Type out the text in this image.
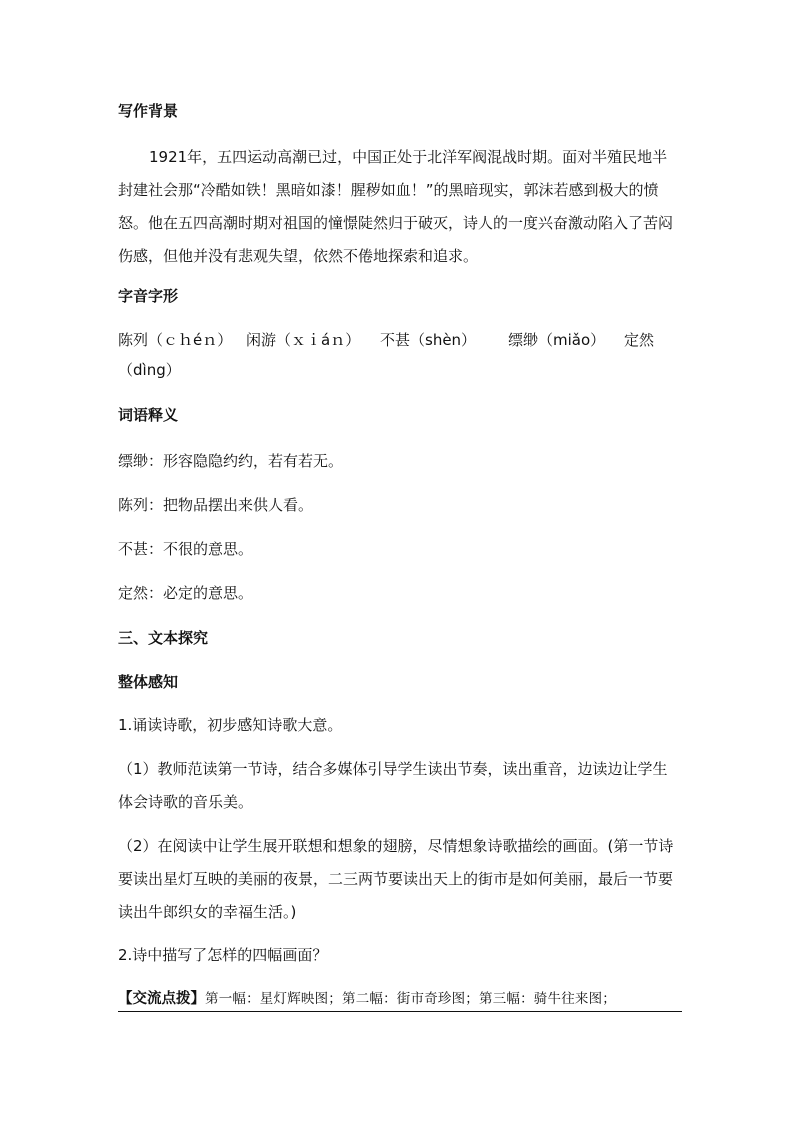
写作背景
1921年，五四运动高潮已过，中国正处于北洋军阀混战时期。面对半殖民地半封建社会那“冷酷如铁！黑暗如漆！腥秽如血！”的黑暗现实，郭沫若感到极大的愤怒。他在五四高潮时期对祖国的憧憬陡然归于破灭，诗人的一度兴奋激动陷入了苦闷伤感，但他并没有悲观失望，依然不倦地探索和追求。
字音字形
陈列（ｃｈéｎ） 闲游（ｘｉáｎ） 不甚（shèn） 缥缈（miǎo） 定然
（dìng）
词语释义
缥缈：形容隐隐约约，若有若无。
陈列：把物品摆出来供人看。
不甚：不很的意思。
定然：必定的意思。
三、文本探究
整体感知
1.诵读诗歌，初步感知诗歌大意。
（1）教师范读第一节诗，结合多媒体引导学生读出节奏，读出重音，边读边让学生体会诗歌的音乐美。
（2）在阅读中让学生展开联想和想象的翅膀，尽情想象诗歌描绘的画面。(第一节诗要读出星灯互映的美丽的夜景，二三两节要读出天上的街市是如何美丽，最后一节要读出牛郎织女的幸福生活。)
2.诗中描写了怎样的四幅画面？
【交流点拨】第一幅：星灯辉映图；第二幅：街市奇珍图；第三幅：骑牛往来图；
